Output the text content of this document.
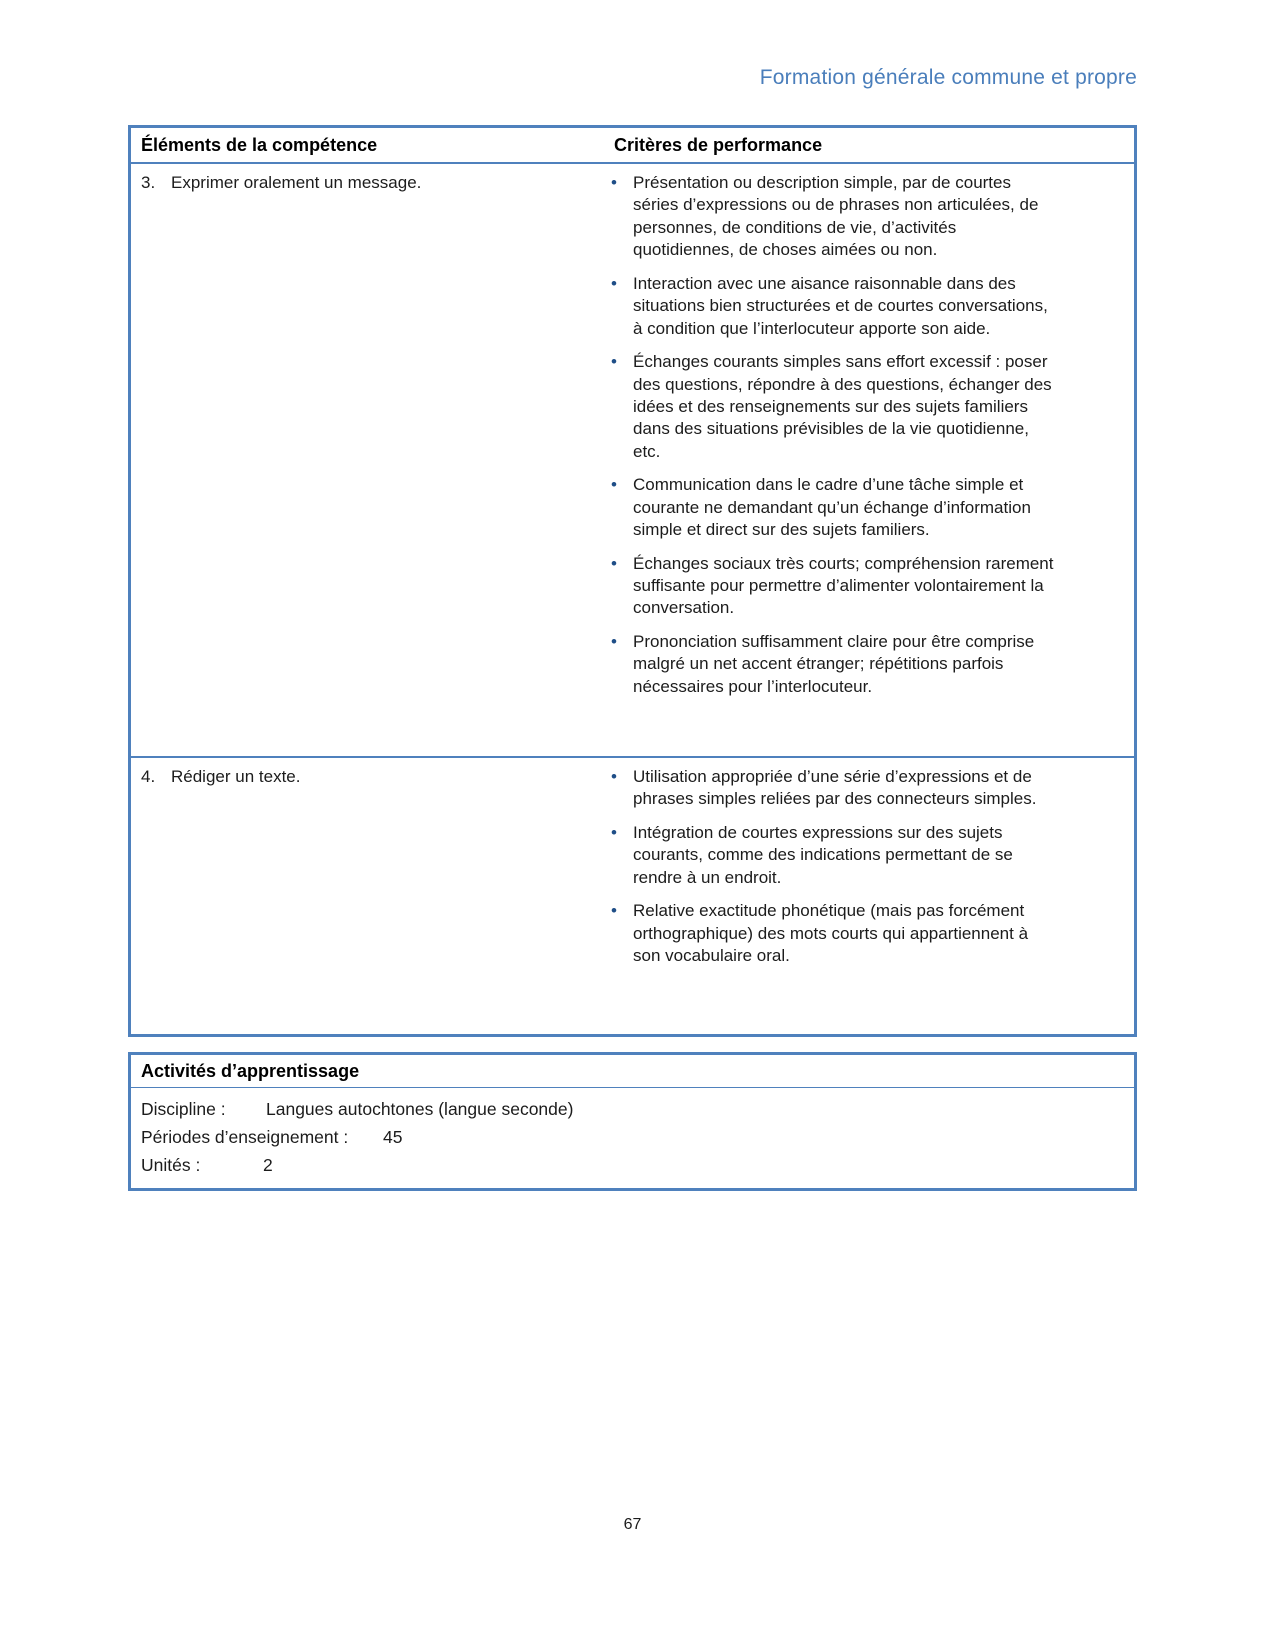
Formation générale commune et propre
Éléments de la compétence	Critères de performance
3. Exprimer oralement un message.	• Présentation ou description simple, par de courtes séries d’expressions ou de phrases non articulées, de personnes, de conditions de vie, d’activités quotidiennes, de choses aimées ou non.
• Interaction avec une aisance raisonnable dans des situations bien structurées et de courtes conversations, à condition que l’interlocuteur apporte son aide.
• Échanges courants simples sans effort excessif : poser des questions, répondre à des questions, échanger des idées et des renseignements sur des sujets familiers dans des situations prévisibles de la vie quotidienne, etc.
• Communication dans le cadre d’une tâche simple et courante ne demandant qu’un échange d’information simple et direct sur des sujets familiers.
• Échanges sociaux très courts; compréhension rarement suffisante pour permettre d’alimenter volontairement la conversation.
• Prononciation suffisamment claire pour être comprise malgré un net accent étranger; répétitions parfois nécessaires pour l’interlocuteur.
4. Rédiger un texte.	• Utilisation appropriée d’une série d’expressions et de phrases simples reliées par des connecteurs simples.
• Intégration de courtes expressions sur des sujets courants, comme des indications permettant de se rendre à un endroit.
• Relative exactitude phonétique (mais pas forcément orthographique) des mots courts qui appartiennent à son vocabulaire oral.
Activités d’apprentissage
Discipline : Langues autochtones (langue seconde)
Périodes d’enseignement : 45
Unités :	2
67
